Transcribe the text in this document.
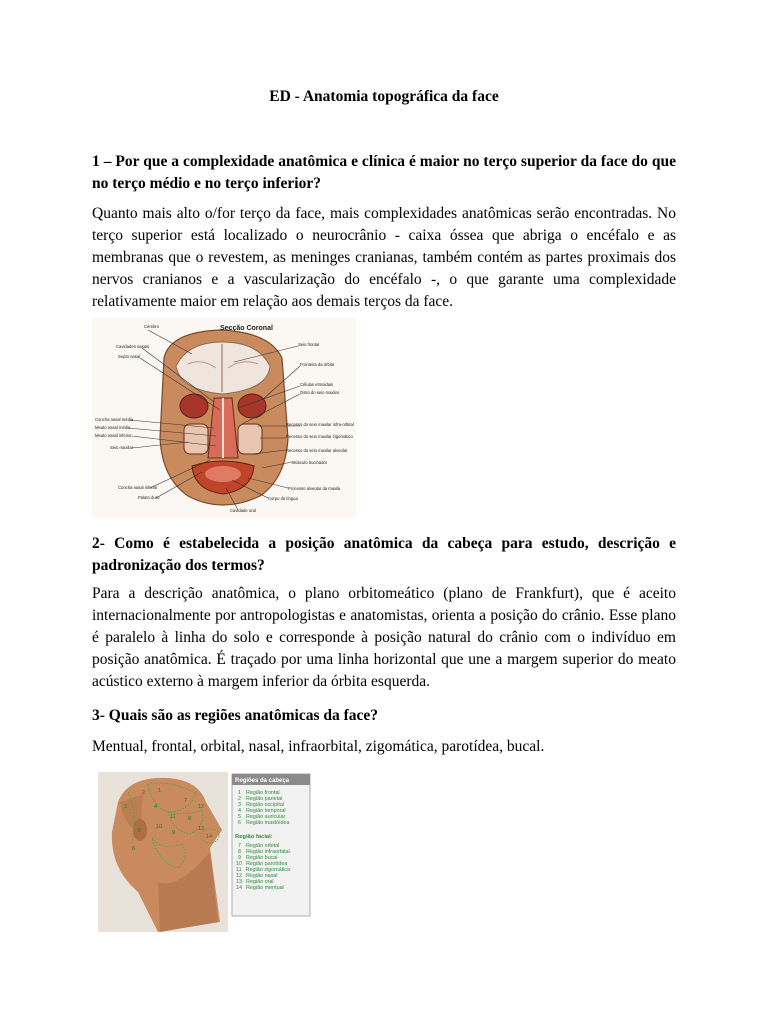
ED - Anatomia topográfica da face
1 – Por que a complexidade anatômica e clínica é maior no terço superior da face do que no terço médio e no terço inferior?
Quanto mais alto o/for terço da face, mais complexidades anatômicas serão encontradas. No terço superior está localizado o neurocrânio - caixa óssea que abriga o encéfalo e as membranas que o revestem, as meninges cranianas, também contém as partes proximais dos nervos cranianos e a vascularização do encéfalo -, o que garante uma complexidade relativamente maior em relação aos demais terços da face.
Secção Coronal
Cérebro
Cavidades nasais
Septo nasal
Concha nasal média
Meato nasal médio
Meato nasal inferior
Seio maxilar
Concha nasal inferior
Palato duro
Seio frontal
Fronteira da órbita
Células etmoidais
Óstio do seio maxilar
Recesso do seio maxilar infra-orbital
Recesso do seio maxilar zigomático
Recesso do seio maxilar alveolar
Músculo bucinador
Processo alveolar da maxila
Corpo da língua
Cavidade oral
2- Como é estabelecida a posição anatômica da cabeça para estudo, descrição e padronização dos termos?
Para a descrição anatômica, o plano orbitomeático (plano de Frankfurt), que é aceito internacionalmente por antropologistas e anatomistas, orienta a posição do crânio. Esse plano é paralelo à linha do solo e corresponde à posição natural do crânio com o indivíduo em posição anatômica. É traçado por uma linha horizontal que une a margem superior do meato acústico externo à margem inferior da órbita esquerda.
3- Quais são as regiões anatômicas da face?
Mentual, frontal, orbital, nasal, infraorbital, zigomática, parotídea, bucal.
1
2
3	4
5
6
7
8
9
10
11
12
13
14
Regiões da cabeça
1 Região frontal
2 Região parietal
3 Região occipital
4 Região temporal
5 Região auricular
6 Região mastóidea
Região facial:
7 Região orbital
8 Região infraorbital
9 Região bucal
10 Região parotídea
11 Região zigomática
12 Região nasal
13 Região oral
14 Região mentual
